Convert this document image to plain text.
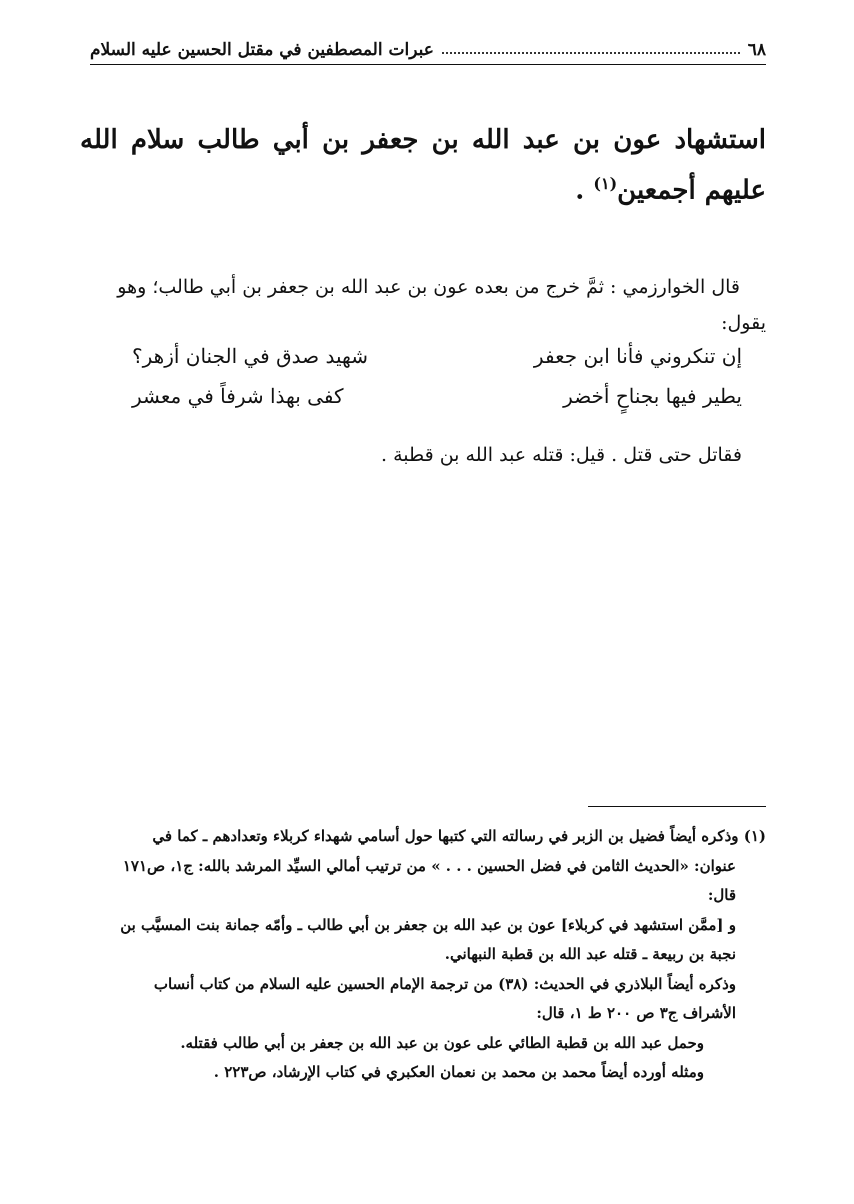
٦٨
عبرات المصطفين في مقتل الحسين عليه السلام
استشهاد عون بن عبد الله بن جعفر بن أبي طالب سلام الله عليهم أجمعين$^{(١)}$ .

قال الخوارزمي : ثمَّ خرج من بعده عون بن عبد الله بن جعفر بن أبي طالب؛ وهو يقول:

إن تنكروني فأنا ابن جعفر
شهيد صدق في الجنان أزهر؟
يطير فيها بجناحٍ أخضر
كفى بهذا شرفاً في معشر

فقاتل حتى قتل . قيل: قتله عبد الله بن قطبة .

(١) وذكره أيضاً فضيل بن الزبر في رسالته التي كتبها حول أسامي شهداء كربلاء وتعدادهم ـ كما في
عنوان: «الحديث الثامن في فضل الحسين . . . » من ترتيب أمالي السيِّد المرشد بالله: ج١، ص١٧١
قال:
و [ممَّن استشهد في كربلاء] عون بن عبد الله بن جعفر بن أبي طالب ـ وأمّه جمانة بنت المسيَّب بن
نجبة بن ربيعة ـ قتله عبد الله بن قطبة النبهاني.
وذكره أيضاً البلاذري في الحديث: (٣٨) من ترجمة الإمام الحسين عليه السلام من كتاب أنساب
الأشراف ج٣ ص ٢٠٠ ط ١، قال:
وحمل عبد الله بن قطبة الطائي على عون بن عبد الله بن جعفر بن أبي طالب فقتله.
ومثله أورده أيضاً محمد بن محمد بن نعمان العكبري في كتاب الإرشاد، ص٢٢٣ .
